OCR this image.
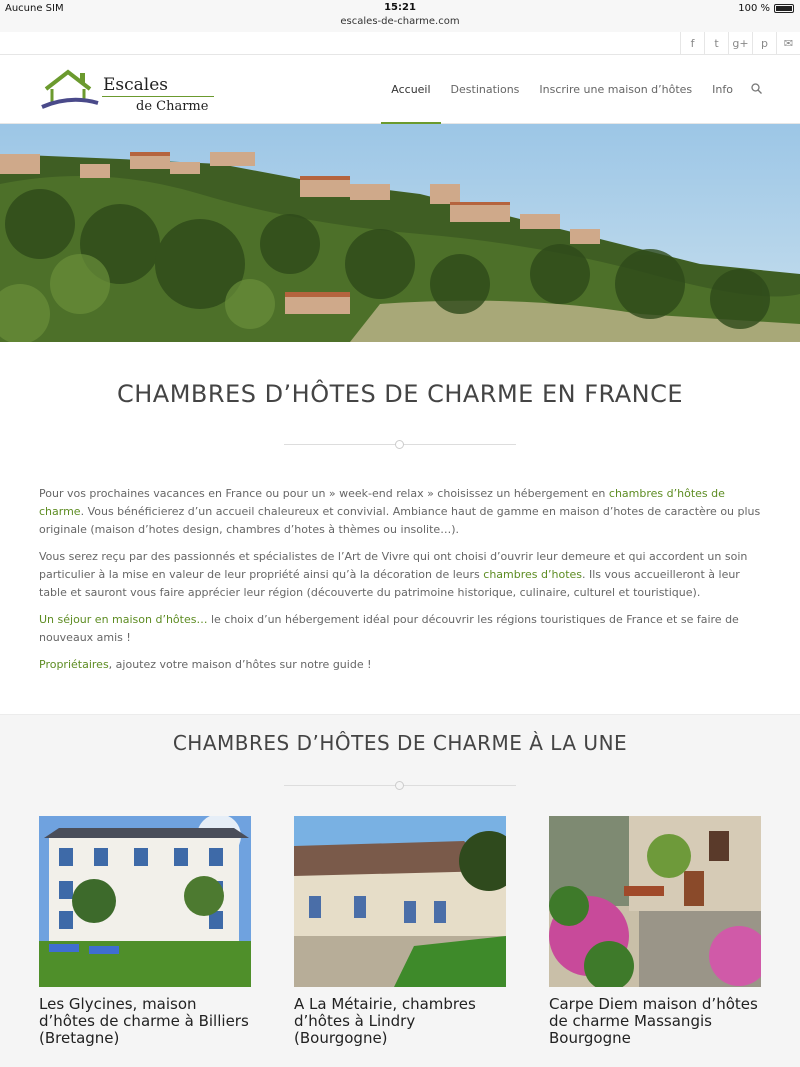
Aucune SIM	15:21
escales-de-charme.com
100 %
f	t	g+	p	✉
Escales
de Charme
Accueil Destinations Inscrire une maison d’hôtes Info
CHAMBRES D’HÔTES DE CHARME EN FRANCE

Pour vos prochaines vacances en France ou pour un » week-end relax » choisissez un hébergement en chambres d’hôtes de charme. Vous bénéficierez d’un accueil chaleureux et convivial. Ambiance haut de gamme en maison d’hotes de caractère ou plus originale (maison d’hotes design, chambres d’hotes à thèmes ou insolite…).

Vous serez reçu par des passionnés et spécialistes de l’Art de Vivre qui ont choisi d’ouvrir leur demeure et qui accordent un soin particulier à la mise en valeur de leur propriété ainsi qu’à la décoration de leurs chambres d’hotes. Ils vous accueilleront à leur table et sauront vous faire apprécier leur région (découverte du patrimoine historique, culinaire, culturel et touristique).

Un séjour en maison d’hôtes… le choix d’un hébergement idéal pour découvrir les régions touristiques de France et se faire de nouveaux amis !

Propriétaires, ajoutez votre maison d’hôtes sur notre guide !

CHAMBRES D’HÔTES DE CHARME À LA UNE
Les Glycines, maison d’hôtes de charme à Billiers (Bretagne)
A La Métairie, chambres d’hôtes à Lindry (Bourgogne)
Carpe Diem maison d’hôtes de charme Massangis Bourgogne
